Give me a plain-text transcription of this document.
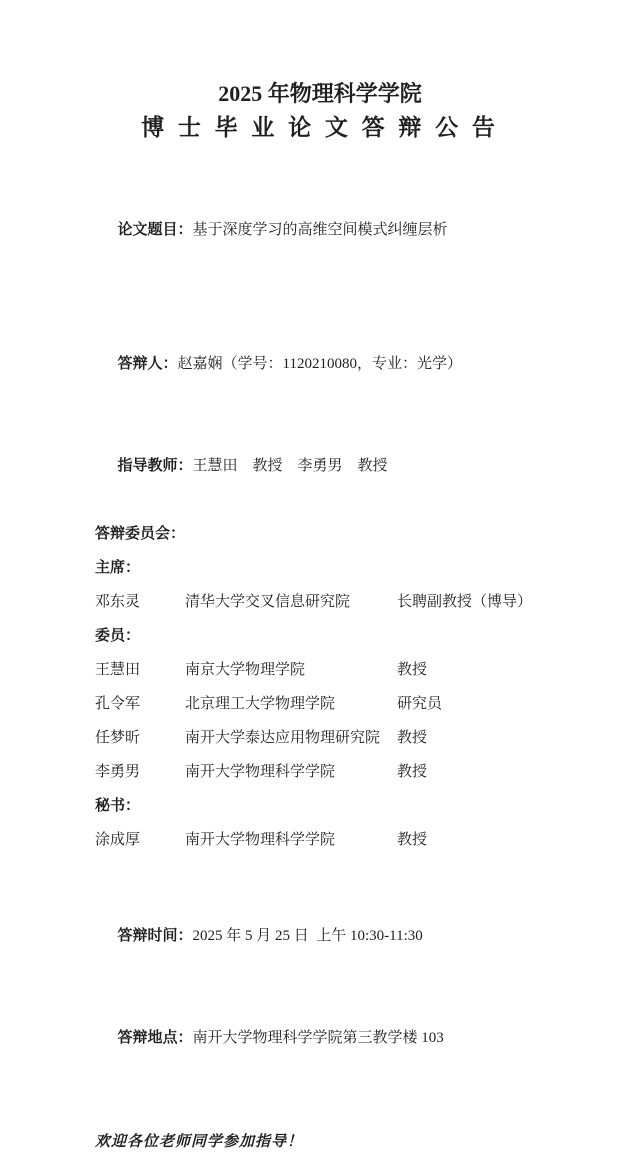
2025 年物理科学学院
博 士 毕 业 论 文 答 辩 公 告

论文题目：基于深度学习的高维空间模式纠缠层析

答辩人：赵嘉娴（学号：1120210080，专业：光学）

指导教师：王慧田　教授　李勇男　教授

答辩委员会：
主席：
邓东灵	清华大学交叉信息研究院	长聘副教授（博导）
委员：
王慧田	南京大学物理学院	教授
孔令军	北京理工大学物理学院	研究员
任梦昕	南开大学泰达应用物理研究院	教授
李勇男	南开大学物理科学学院	教授
秘书：
涂成厚	南开大学物理科学学院	教授

答辩时间：2025 年 5 月 25 日  上午 10:30-11:30

答辩地点：南开大学物理科学学院第三教学楼 103

欢迎各位老师同学参加指导！
